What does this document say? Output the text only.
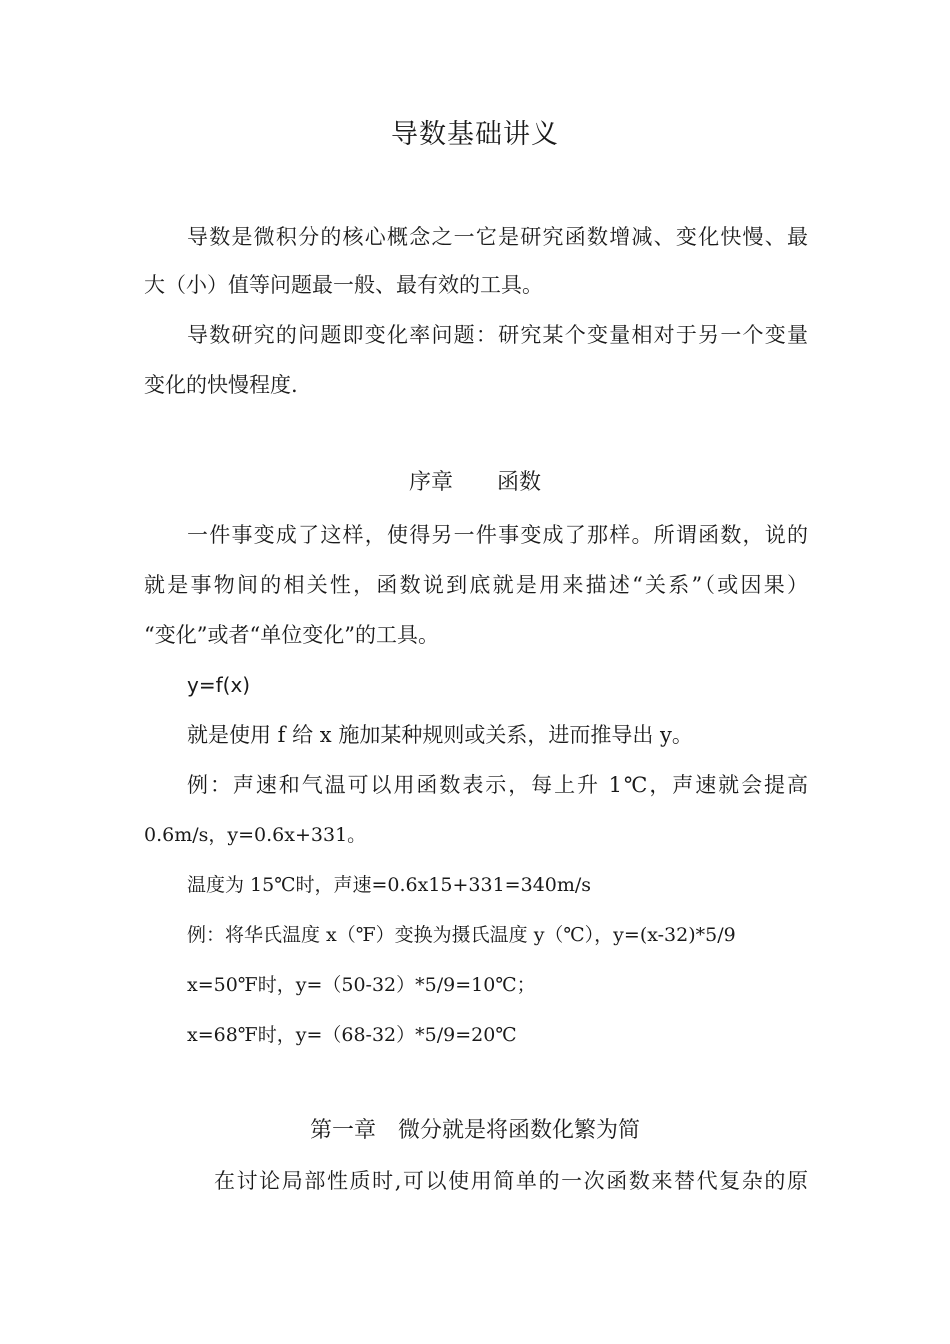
导数基础讲义
导数是微积分的核心概念之一它是研究函数增减、变化快慢、最
大（小）值等问题最一般、最有效的工具。
导数研究的问题即变化率问题：研究某个变量相对于另一个变量
变化的快慢程度.
序章　　函数
一件事变成了这样，使得另一件事变成了那样。所谓函数，说的
就是事物间的相关性，函数说到底就是用来描述“关系”（或因果）
“变化”或者“单位变化”的工具。
y=f(x)
就是使用 f 给 x 施加某种规则或关系，进而推导出 y。
例：声速和气温可以用函数表示，每上升 1℃，声速就会提高
0.6m/s，y=0.6x+331。
温度为 15℃时，声速=0.6x15+331=340m/s
例：将华氏温度 x（℉）变换为摄氏温度 y（℃），y=(x-32)*5/9
x=50℉时，y=（50-32）*5/9=10℃；
x=68℉时，y=（68-32）*5/9=20℃
第一章　微分就是将函数化繁为简
在讨论局部性质时,可以使用简单的一次函数来替代复杂的原
